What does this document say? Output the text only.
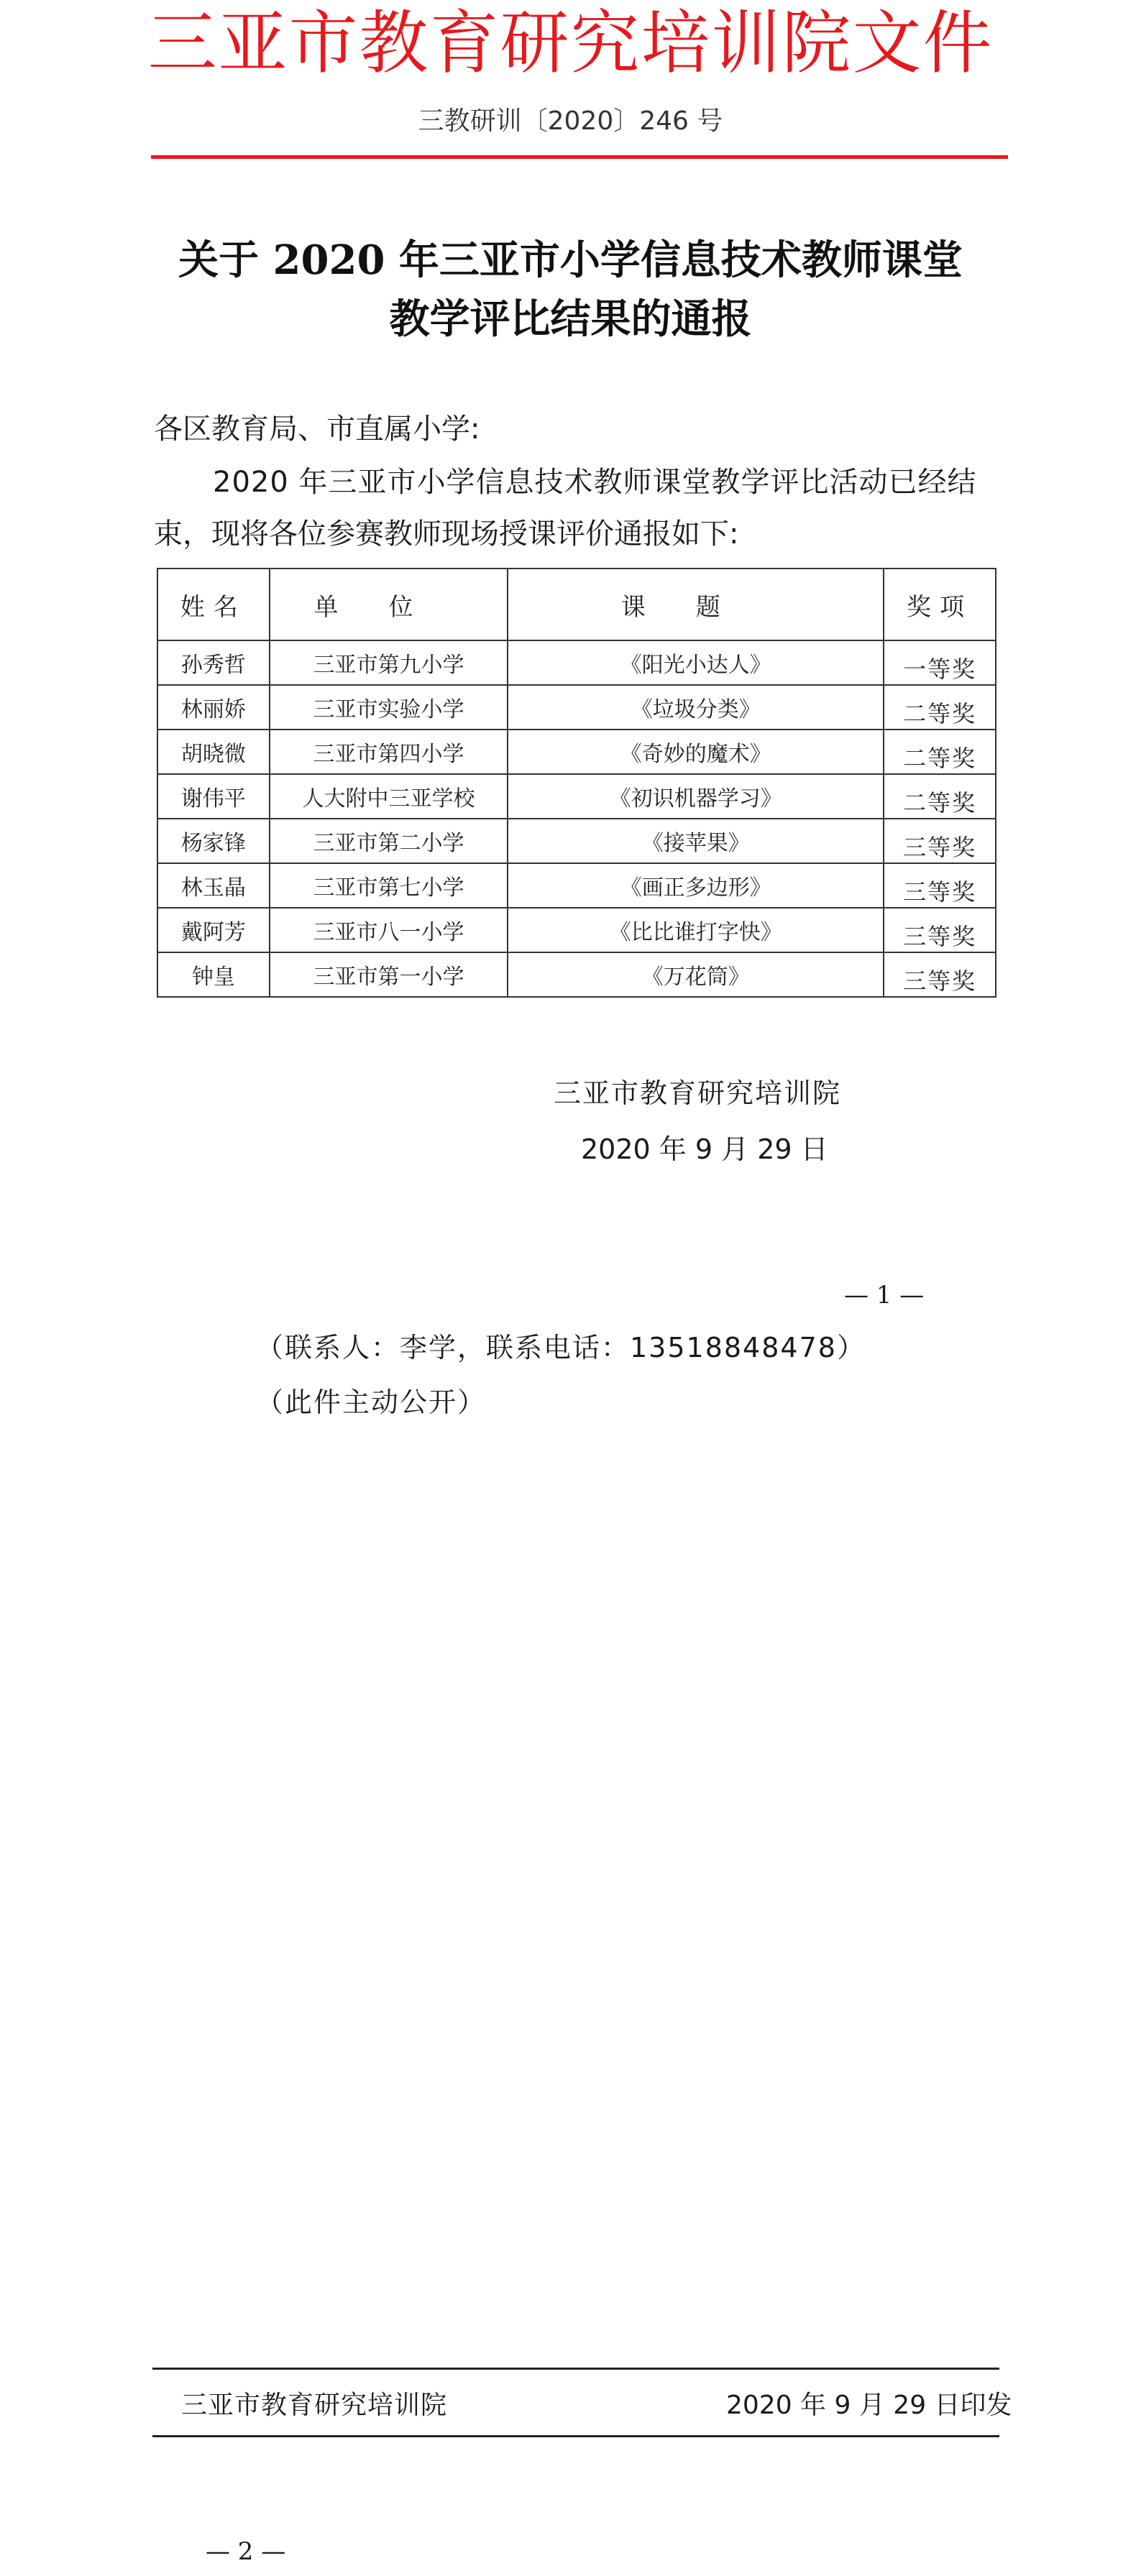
三亚市教育研究培训院文件
三教研训〔2020〕246 号
关于 2020 年三亚市小学信息技术教师课堂
教学评比结果的通报
各区教育局、市直属小学:
2020 年三亚市小学信息技术教师课堂教学评比活动已经结
束，现将各位参赛教师现场授课评价通报如下:
姓名	单位	课题	奖项
孙秀哲	三亚市第九小学	《阳光小达人》	一等奖
林丽娇	三亚市实验小学	《垃圾分类》	二等奖
胡晓微	三亚市第四小学	《奇妙的魔术》	二等奖
谢伟平	人大附中三亚学校	《初识机器学习》	二等奖
杨家锋	三亚市第二小学	《接苹果》	三等奖
林玉晶	三亚市第七小学	《画正多边形》	三等奖
戴阿芳	三亚市八一小学	《比比谁打字快》	三等奖
钟皇	三亚市第一小学	《万花筒》	三等奖
三亚市教育研究培训院
2020 年 9 月 29 日
— 1 —
（联系人：李学，联系电话：13518848478）
（此件主动公开）
三亚市教育研究培训院	2020 年 9 月 29 日印发
— 2 —
